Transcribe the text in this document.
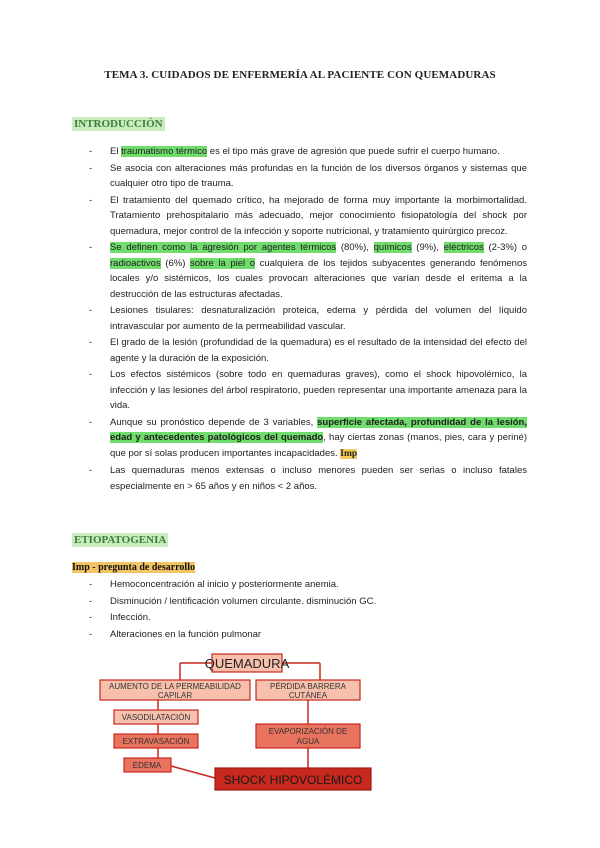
TEMA 3. CUIDADOS DE ENFERMERÍA AL PACIENTE CON QUEMADURAS
INTRODUCCIÓN
- El traumatismo térmico es el tipo más grave de agresión que puede sufrir el cuerpo humano.
- Se asocia con alteraciones más profundas en la función de los diversos órganos y sistemas que cualquier otro tipo de trauma.
- El tratamiento del quemado crítico, ha mejorado de forma muy importante la morbimortalidad. Tratamiento prehospitalario más adecuado, mejor conocimiento fisiopatología del shock por quemadura, mejor control de la infección y soporte nutricional, y tratamiento quirúrgico precoz.
- Se definen como la agresión por agentes térmicos (80%), químicos (9%), eléctricos (2-3%) o radioactivos (6%) sobre la piel o cualquiera de los tejidos subyacentes generando fenómenos locales y/o sistémicos, los cuales provocan alteraciones que varían desde el eritema a la destrucción de las estructuras afectadas.
- Lesiones tisulares: desnaturalización proteica, edema y pérdida del volumen del líquido intravascular por aumento de la permeabilidad vascular.
- El grado de la lesión (profundidad de la quemadura) es el resultado de la intensidad del efecto del agente y la duración de la exposición.
- Los efectos sistémicos (sobre todo en quemaduras graves), como el shock hipovolémico, la infección y las lesiones del árbol respiratorio, pueden representar una importante amenaza para la vida.
- Aunque su pronóstico depende de 3 variables, superficie afectada, profundidad de la lesión, edad y antecedentes patológicos del quemado, hay ciertas zonas (manos, pies, cara y periné) que por sí solas producen importantes incapacidades. Imp
- Las quemaduras menos extensas o incluso menores pueden ser serias o incluso fatales especialmente en > 65 años y en niños < 2 años.
ETIOPATOGENIA
Imp - pregunta de desarrollo
- Hemoconcentración al inicio y posteriormente anemia.
- Disminución / lentificación volumen circulante. disminución GC.
- Infección.
- Alteraciones en la función pulmonar
QUEMADURA
AUMENTO DE LA PERMEABILIDAD
CAPILAR
PÉRDIDA BARRERA
CUTÁNEA
VASODILATACIÓN
EVAPORIZACIÓN DE
AGUA
EXTRAVASACIÓN
EDEMA
SHOCK HIPOVOLÉMICO
